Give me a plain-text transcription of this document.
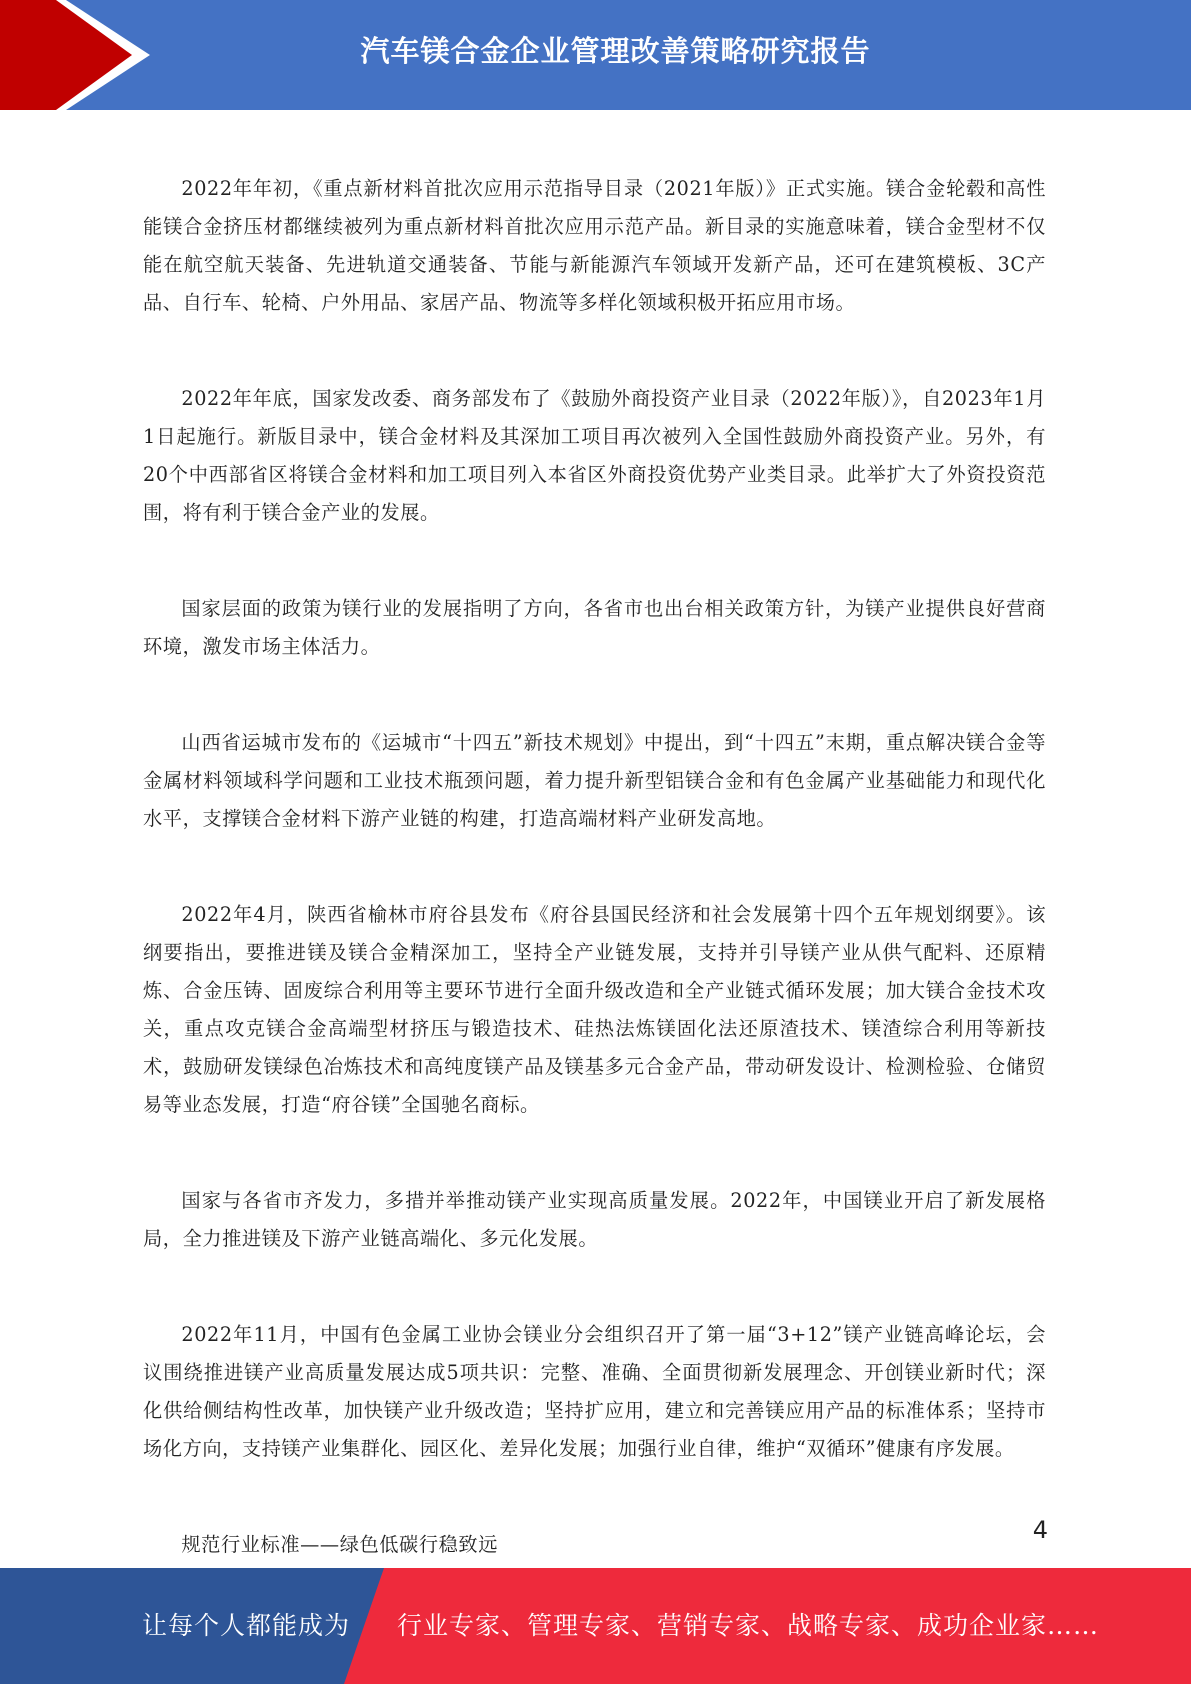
汽车镁合金企业管理改善策略研究报告

2022年年初，《重点新材料首批次应用示范指导目录（2021年版）》正式实施。镁合金轮毂和高性能镁合金挤压材都继续被列为重点新材料首批次应用示范产品。新目录的实施意味着，镁合金型材不仅能在航空航天装备、先进轨道交通装备、节能与新能源汽车领域开发新产品，还可在建筑模板、3C产品、自行车、轮椅、户外用品、家居产品、物流等多样化领域积极开拓应用市场。

2022年年底，国家发改委、商务部发布了《鼓励外商投资产业目录（2022年版）》，自2023年1月1日起施行。新版目录中，镁合金材料及其深加工项目再次被列入全国性鼓励外商投资产业。另外，有20个中西部省区将镁合金材料和加工项目列入本省区外商投资优势产业类目录。此举扩大了外资投资范围，将有利于镁合金产业的发展。

国家层面的政策为镁行业的发展指明了方向，各省市也出台相关政策方针，为镁产业提供良好营商环境，激发市场主体活力。

山西省运城市发布的《运城市“十四五”新技术规划》中提出，到“十四五”末期，重点解决镁合金等金属材料领域科学问题和工业技术瓶颈问题，着力提升新型铝镁合金和有色金属产业基础能力和现代化水平，支撑镁合金材料下游产业链的构建，打造高端材料产业研发高地。

2022年4月，陕西省榆林市府谷县发布《府谷县国民经济和社会发展第十四个五年规划纲要》。该纲要指出，要推进镁及镁合金精深加工，坚持全产业链发展，支持并引导镁产业从供气配料、还原精炼、合金压铸、固废综合利用等主要环节进行全面升级改造和全产业链式循环发展；加大镁合金技术攻关，重点攻克镁合金高端型材挤压与锻造技术、硅热法炼镁固化法还原渣技术、镁渣综合利用等新技术，鼓励研发镁绿色冶炼技术和高纯度镁产品及镁基多元合金产品，带动研发设计、检测检验、仓储贸易等业态发展，打造“府谷镁”全国驰名商标。

国家与各省市齐发力，多措并举推动镁产业实现高质量发展。2022年，中国镁业开启了新发展格局，全力推进镁及下游产业链高端化、多元化发展。

2022年11月，中国有色金属工业协会镁业分会组织召开了第一届“3+12”镁产业链高峰论坛，会议围绕推进镁产业高质量发展达成5项共识：完整、准确、全面贯彻新发展理念、开创镁业新时代；深化供给侧结构性改革，加快镁产业升级改造；坚持扩应用，建立和完善镁应用产品的标准体系；坚持市场化方向，支持镁产业集群化、园区化、差异化发展；加强行业自律，维护“双循环”健康有序发展。

规范行业标准——绿色低碳行稳致远

4
让每个人都能成为 行业专家、管理专家、营销专家、战略专家、成功企业家……
